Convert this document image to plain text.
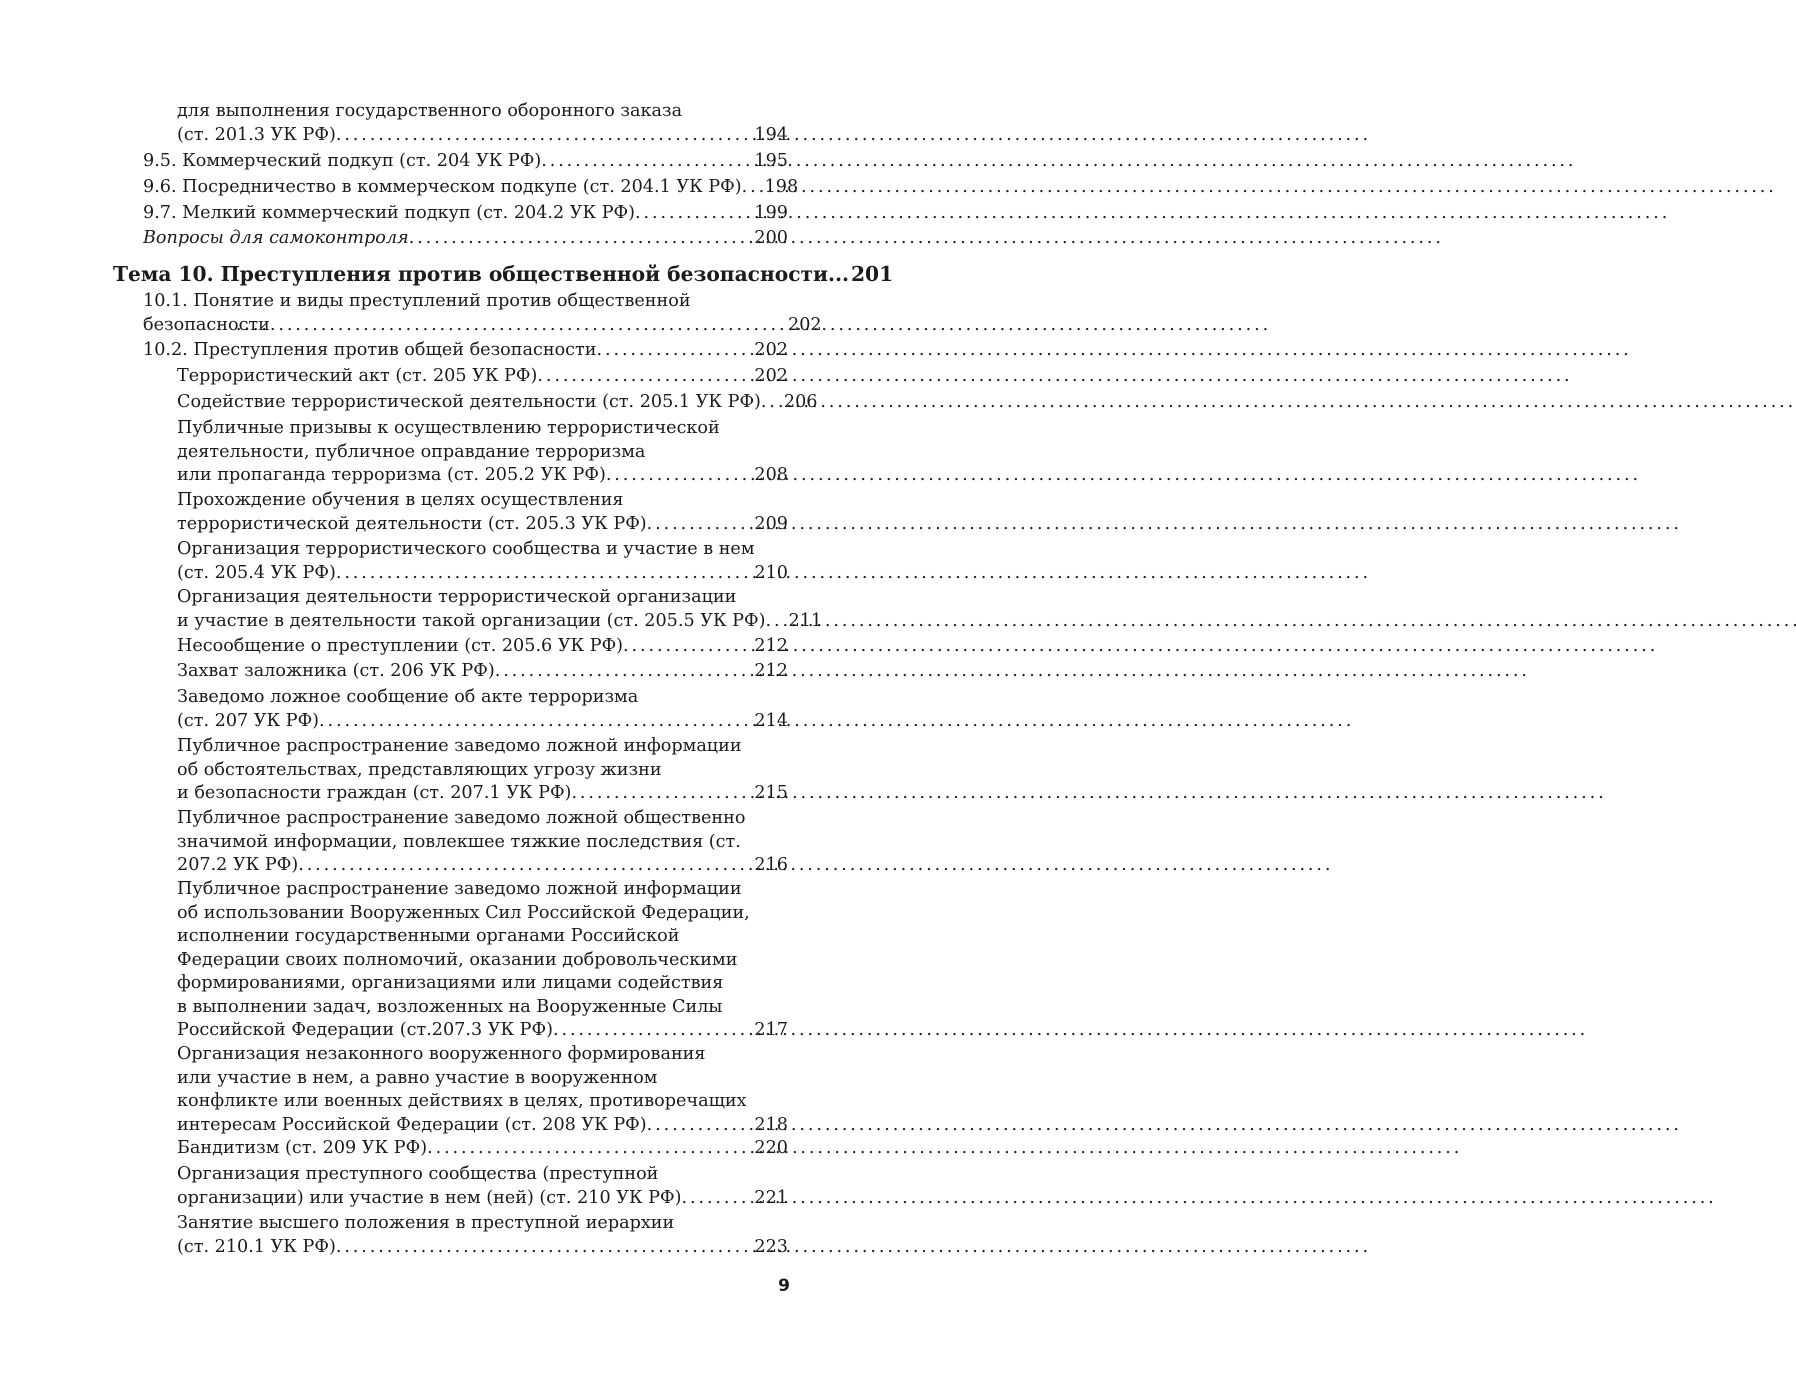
для выполнения государственного оборонного заказа
(ст. 201.3 УК РФ) . . .	194
9.5. Коммерческий подкуп (ст. 204 УК РФ) . . .	195
9.6. Посредничество в коммерческом подкупе (ст. 204.1 УК РФ) . . . 198
9.7. Мелкий коммерческий подкуп (ст. 204.2 УК РФ) . . .	199
Вопросы для самоконтроля . . .	200
Тема 10. Преступления против общественной безопасности ... 201
10.1. Понятие и виды преступлений против общественной
безопасности . . .	202
10.2. Преступления против общей безопасности . . .	202
Террористический акт (ст. 205 УК РФ) . . .	202
Содействие террористической деятельности (ст. 205.1 УК РФ) . . . 206
Публичные призывы к осуществлению террористической
деятельности, публичное оправдание терроризма
или пропаганда терроризма (ст. 205.2 УК РФ) . . .	208
Прохождение обучения в целях осуществления
террористической деятельности (ст. 205.3 УК РФ) . . .	209
Организация террористического сообщества и участие в нем
(ст. 205.4 УК РФ) . . .	210
Организация деятельности террористической организации
и участие в деятельности такой организации (ст. 205.5 УК РФ) . . . 211
Несообщение о преступлении (ст. 205.6 УК РФ) . . .	212
Захват заложника (ст. 206 УК РФ) . . .	212
Заведомо ложное сообщение об акте терроризма
(ст. 207 УК РФ) . . .	214
Публичное распространение заведомо ложной информации
об обстоятельствах, представляющих угрозу жизни
и безопасности граждан (ст. 207.1 УК РФ) . . .	215
Публичное распространение заведомо ложной общественно
значимой информации, повлекшее тяжкие последствия (ст.
207.2 УК РФ) . . .	216
Публичное распространение заведомо ложной информации
об использовании Вооруженных Сил Российской Федерации,
исполнении государственными органами Российской
Федерации своих полномочий, оказании добровольческими
формированиями, организациями или лицами содействия
в выполнении задач, возложенных на Вооруженные Силы
Российской Федерации (ст.207.3 УК РФ) . . .	217
Организация незаконного вооруженного формирования
или участие в нем, а равно участие в вооруженном
конфликте или военных действиях в целях, противоречащих
интересам Российской Федерации (ст. 208 УК РФ) . . .	218
Бандитизм (ст. 209 УК РФ) . . .	220
Организация преступного сообщества (преступной
организации) или участие в нем (ней) (ст. 210 УК РФ) . . .	221
Занятие высшего положения в преступной иерархии
(ст. 210.1 УК РФ) . . .	223
9
